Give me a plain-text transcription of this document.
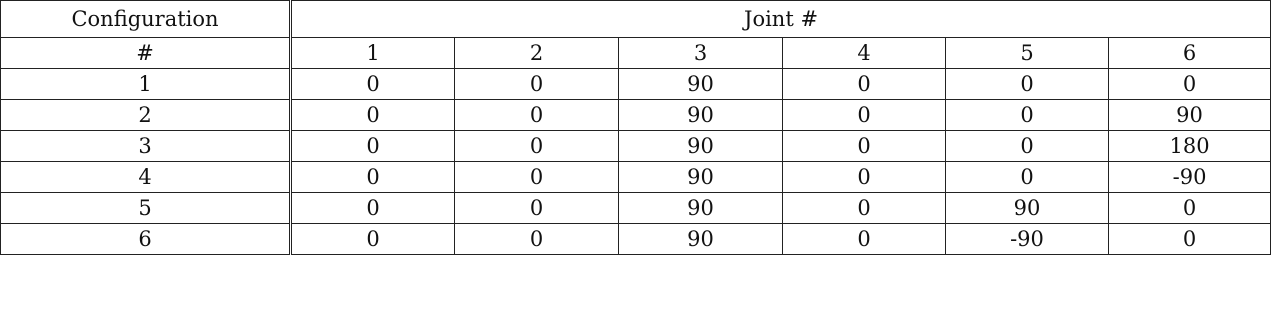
Configuration	Joint #					
#	1	2	3	4	5	6
1	0	0	90	0	0	0
2	0	0	90	0	0	90
3	0	0	90	0	0	180
4	0	0	90	0	0	-90
5	0	0	90	0	90	0
6	0	0	90	0	-90	0
